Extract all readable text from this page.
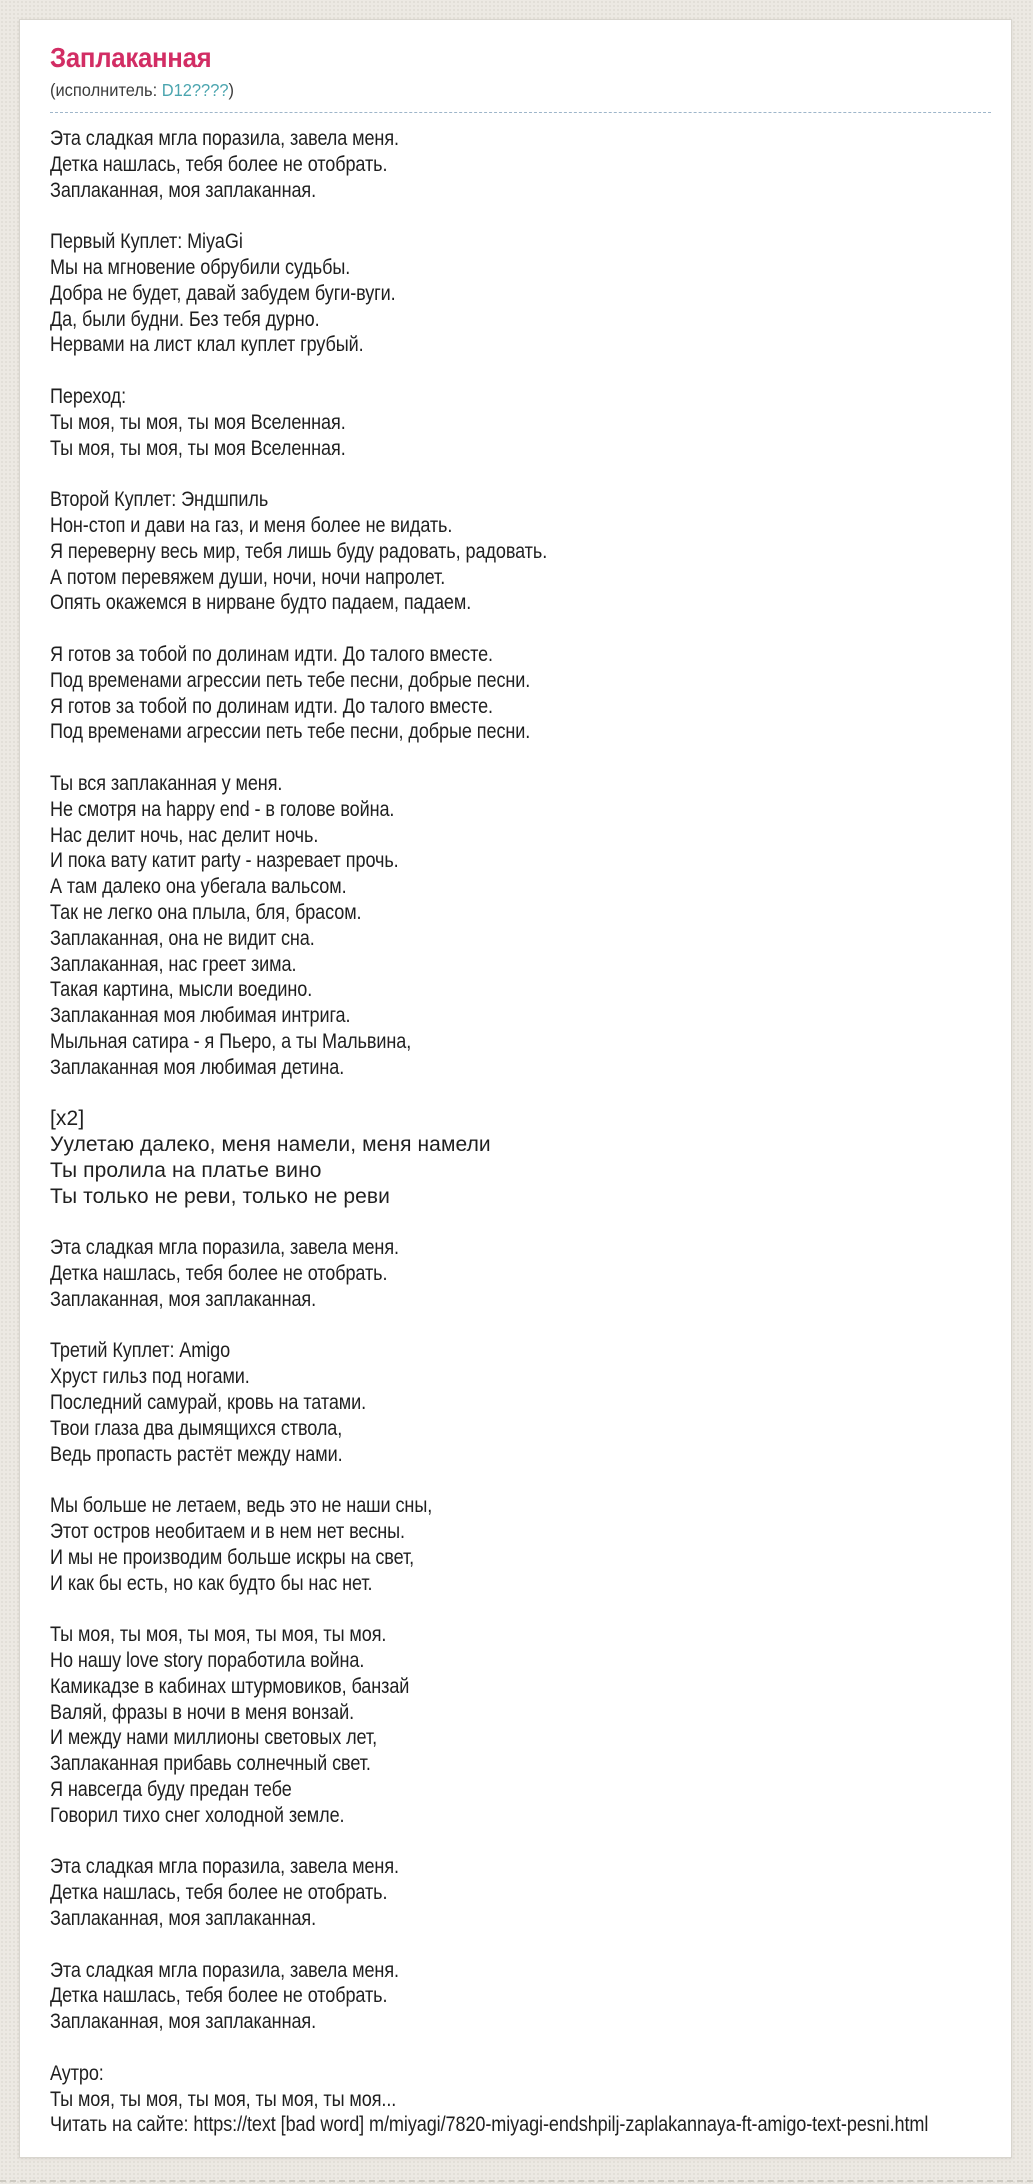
Заплаканная
(исполнитель: D12????)
Эта сладкая мгла поразила, завела меня.
Детка нашлась, тебя более не отобрать.
Заплаканная, моя заплаканная.
Первый Куплет: MiyaGi
Мы на мгновение обрубили судьбы.
Добра не будет, давай забудем буги-вуги.
Да, были будни. Без тебя дурно.
Нервами на лист клал куплет грубый.
Переход:
Ты моя, ты моя, ты моя Вселенная.
Ты моя, ты моя, ты моя Вселенная.
Второй Куплет: Эндшпиль
Нон-стоп и дави на газ, и меня более не видать.
Я переверну весь мир, тебя лишь буду радовать, радовать.
А потом перевяжем души, ночи, ночи напролет.
Опять окажемся в нирване будто падаем, падаем.
Я готов за тобой по долинам идти. До талого вместе.
Под временами агрессии петь тебе песни, добрые песни.
Я готов за тобой по долинам идти. До талого вместе.
Под временами агрессии петь тебе песни, добрые песни.
Ты вся заплаканная у меня.
Не смотря на happy end - в голове война.
Нас делит ночь, нас делит ночь.
И пока вату катит party - назревает прочь.
А там далеко она убегала вальсом.
Так не легко она плыла, бля, брасом.
Заплаканная, она не видит сна.
Заплаканная, нас греет зима.
Такая картина, мысли воедино.
Заплаканная моя любимая интрига.
Мыльная сатира - я Пьеро, а ты Мальвина,
Заплаканная моя любимая детина.
[x2]
Уулетаю далеко, меня намели, меня намели
Ты пролила на платье вино
Ты только не реви, только не реви
Эта сладкая мгла поразила, завела меня.
Детка нашлась, тебя более не отобрать.
Заплаканная, моя заплаканная.
Третий Куплет: Amigo
Хруст гильз под ногами.
Последний самурай, кровь на татами.
Твои глаза два дымящихся ствола,
Ведь пропасть растёт между нами.
Мы больше не летаем, ведь это не наши сны,
Этот остров необитаем и в нем нет весны.
И мы не производим больше искры на свет,
И как бы есть, но как будто бы нас нет.
Ты моя, ты моя, ты моя, ты моя, ты моя.
Но нашу love story поработила война.
Камикадзе в кабинах штурмовиков, банзай
Валяй, фразы в ночи в меня вонзай.
И между нами миллионы световых лет,
Заплаканная прибавь солнечный свет.
Я навсегда буду предан тебе
Говорил тихо снег холодной земле.
Эта сладкая мгла поразила, завела меня.
Детка нашлась, тебя более не отобрать.
Заплаканная, моя заплаканная.
Эта сладкая мгла поразила, завела меня.
Детка нашлась, тебя более не отобрать.
Заплаканная, моя заплаканная.
Аутро:
Ты моя, ты моя, ты моя, ты моя, ты моя...
Читать на сайте: https://text [bad word] m/miyagi/7820-miyagi-endshpilj-zaplakannaya-ft-amigo-text-pesni.html
